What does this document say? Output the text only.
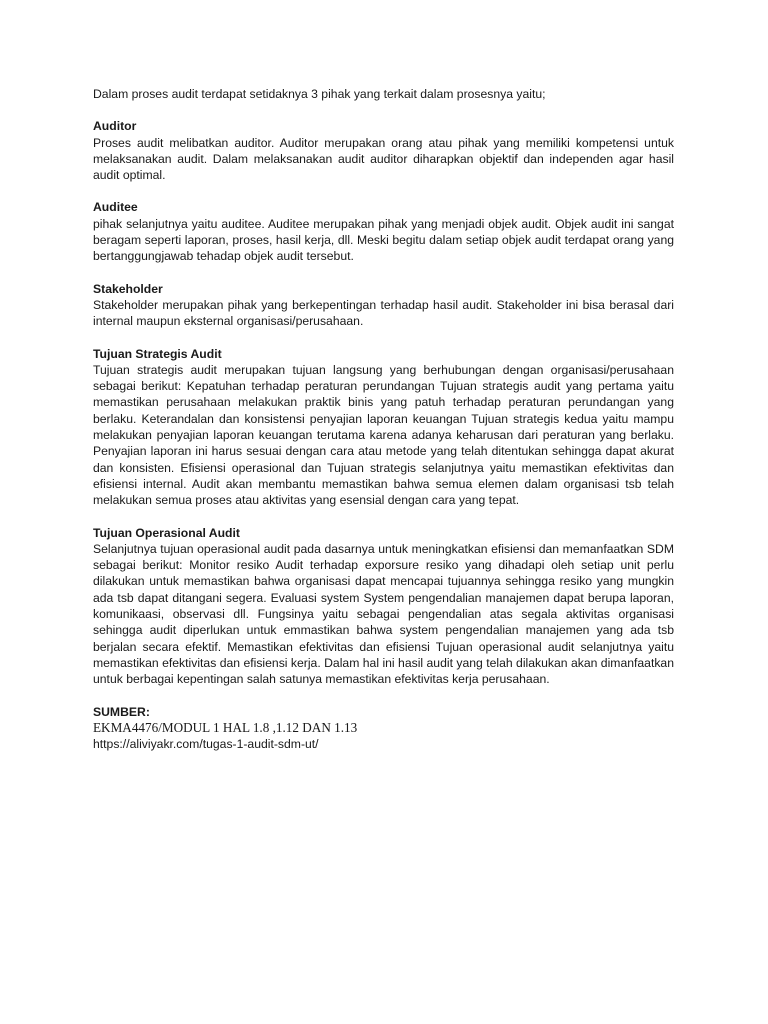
Dalam proses audit terdapat setidaknya 3 pihak yang terkait dalam prosesnya yaitu;

Auditor

Proses audit melibatkan auditor. Auditor merupakan orang atau pihak yang memiliki kompetensi untuk melaksanakan audit. Dalam melaksanakan audit auditor diharapkan objektif dan independen agar hasil audit optimal.

Auditee

pihak selanjutnya yaitu auditee. Auditee merupakan pihak yang menjadi objek audit. Objek audit ini sangat beragam seperti laporan, proses, hasil kerja, dll. Meski begitu dalam setiap objek audit terdapat orang yang bertanggungjawab tehadap objek audit tersebut.

Stakeholder

Stakeholder merupakan pihak yang berkepentingan terhadap hasil audit. Stakeholder ini bisa berasal dari internal maupun eksternal organisasi/perusahaan.

Tujuan Strategis Audit

Tujuan strategis audit merupakan tujuan langsung yang berhubungan dengan organisasi/perusahaan sebagai berikut: Kepatuhan terhadap peraturan perundangan Tujuan strategis audit yang pertama yaitu memastikan perusahaan melakukan praktik binis yang patuh terhadap peraturan perundangan yang berlaku. Keterandalan dan konsistensi penyajian laporan keuangan Tujuan strategis kedua yaitu mampu melakukan penyajian laporan keuangan terutama karena adanya keharusan dari peraturan yang berlaku. Penyajian laporan ini harus sesuai dengan cara atau metode yang telah ditentukan sehingga dapat akurat dan konsisten. Efisiensi operasional dan Tujuan strategis selanjutnya yaitu memastikan efektivitas dan efisiensi internal. Audit akan membantu memastikan bahwa semua elemen dalam organisasi tsb telah melakukan semua proses atau aktivitas yang esensial dengan cara yang tepat.

Tujuan Operasional Audit

Selanjutnya tujuan operasional audit pada dasarnya untuk meningkatkan efisiensi dan memanfaatkan SDM sebagai berikut: Monitor resiko Audit terhadap exporsure resiko yang dihadapi oleh setiap unit perlu dilakukan untuk memastikan bahwa organisasi dapat mencapai tujuannya sehingga resiko yang mungkin ada tsb dapat ditangani segera. Evaluasi system System pengendalian manajemen dapat berupa laporan, komunikaasi, observasi dll. Fungsinya yaitu sebagai pengendalian atas segala aktivitas organisasi sehingga audit diperlukan untuk emmastikan bahwa system pengendalian manajemen yang ada tsb berjalan secara efektif. Memastikan efektivitas dan efisiensi Tujuan operasional audit selanjutnya yaitu memastikan efektivitas dan efisiensi kerja. Dalam hal ini hasil audit yang telah dilakukan akan dimanfaatkan untuk berbagai kepentingan salah satunya memastikan efektivitas kerja perusahaan.

SUMBER:

EKMA4476/MODUL 1 HAL 1.8 ,1.12 DAN 1.13

https://aliviyakr.com/tugas-1-audit-sdm-ut/
